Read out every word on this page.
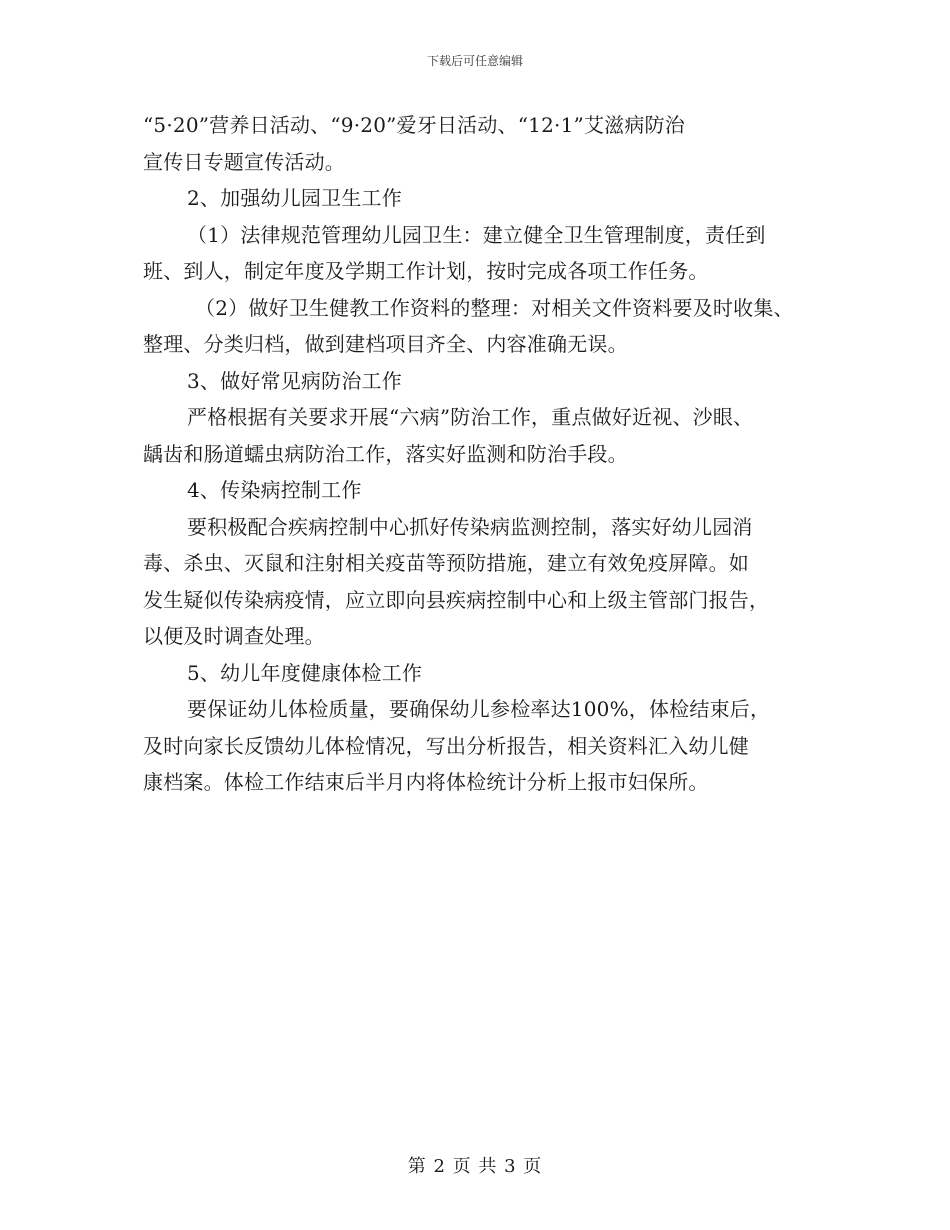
下载后可任意编辑
“5·20”营养日活动、“9·20”爱牙日活动、“12·1”艾滋病防治
宣传日专题宣传活动。
2、加强幼儿园卫生工作
（1）法律规范管理幼儿园卫生：建立健全卫生管理制度，责任到
班、到人，制定年度及学期工作计划，按时完成各项工作任务。
（2）做好卫生健教工作资料的整理：对相关文件资料要及时收集、
整理、分类归档，做到建档项目齐全、内容准确无误。
3、做好常见病防治工作
严格根据有关要求开展“六病”防治工作，重点做好近视、沙眼、
龋齿和肠道蠕虫病防治工作，落实好监测和防治手段。
4、传染病控制工作
要积极配合疾病控制中心抓好传染病监测控制，落实好幼儿园消
毒、杀虫、灭鼠和注射相关疫苗等预防措施，建立有效免疫屏障。如
发生疑似传染病疫情，应立即向县疾病控制中心和上级主管部门报告，
以便及时调查处理。
5、幼儿年度健康体检工作
要保证幼儿体检质量，要确保幼儿参检率达100%，体检结束后，
及时向家长反馈幼儿体检情况，写出分析报告，相关资料汇入幼儿健
康档案。体检工作结束后半月内将体检统计分析上报市妇保所。
第 2 页 共 3 页
